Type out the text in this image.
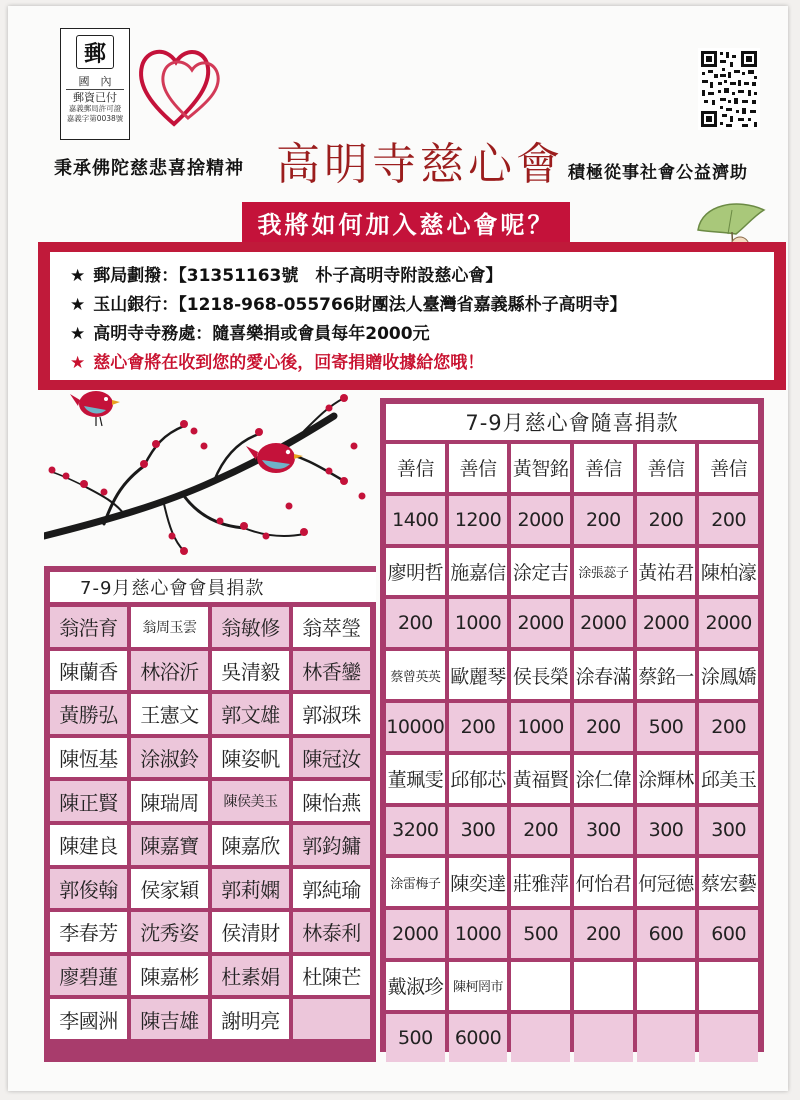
郵
國　內
郵資已付
嘉義郵局許可證
嘉義字第0038號
秉承佛陀慈悲喜捨精神 高明寺慈心會 積極從事社會公益濟助
我將如何加入慈心會呢？
★ 郵局劃撥：【31351163號　朴子高明寺附設慈心會】
★ 玉山銀行：【1218-968-055766財團法人臺灣省嘉義縣朴子高明寺】
★ 高明寺寺務處：隨喜樂捐或會員每年2000元
★ 慈心會將在收到您的愛心後，回寄捐贈收據給您哦！
7-9月慈心會隨喜捐款
善信	善信 黃智銘 善信	善信	善信
1400 1200 2000	200	200	200
廖明哲 施嘉信 涂定吉 涂張蕊子 黃祐君 陳柏濠
200	1000 2000 2000 2000 2000
蔡曾英英 歐麗琴 侯長榮 涂春滿 蔡銘一 涂鳳嬌
10000 200	1000	200	500	200
董珮雯 邱郁芯 黃福賢 涂仁偉 涂輝林 邱美玉
3200	300	200	300	300	300
涂雷梅子 陳奕達 莊雅萍 何怡君 何冠德 蔡宏藝
2000 1000	500	200	600	600
戴淑珍 陳柯罔市
500	6000
7-9月慈心會會員捐款
翁浩育	翁周玉雲	翁敏修	翁萃瑩
陳蘭香	林浴沂	吳清毅	林香鑾
黃勝弘	王憲文	郭文雄	郭淑珠
陳恆基	涂淑鈴	陳姿帆	陳冠汝
陳正賢	陳瑞周	陳侯美玉	陳怡燕
陳建良	陳嘉寶	陳嘉欣	郭鈞鏞
郭俊翰	侯家穎	郭莉嫻	郭純瑜
李春芳	沈秀姿	侯清財	林泰利
廖碧蓮	陳嘉彬	杜素娟	杜陳芒
李國洲	陳吉雄	謝明亮
